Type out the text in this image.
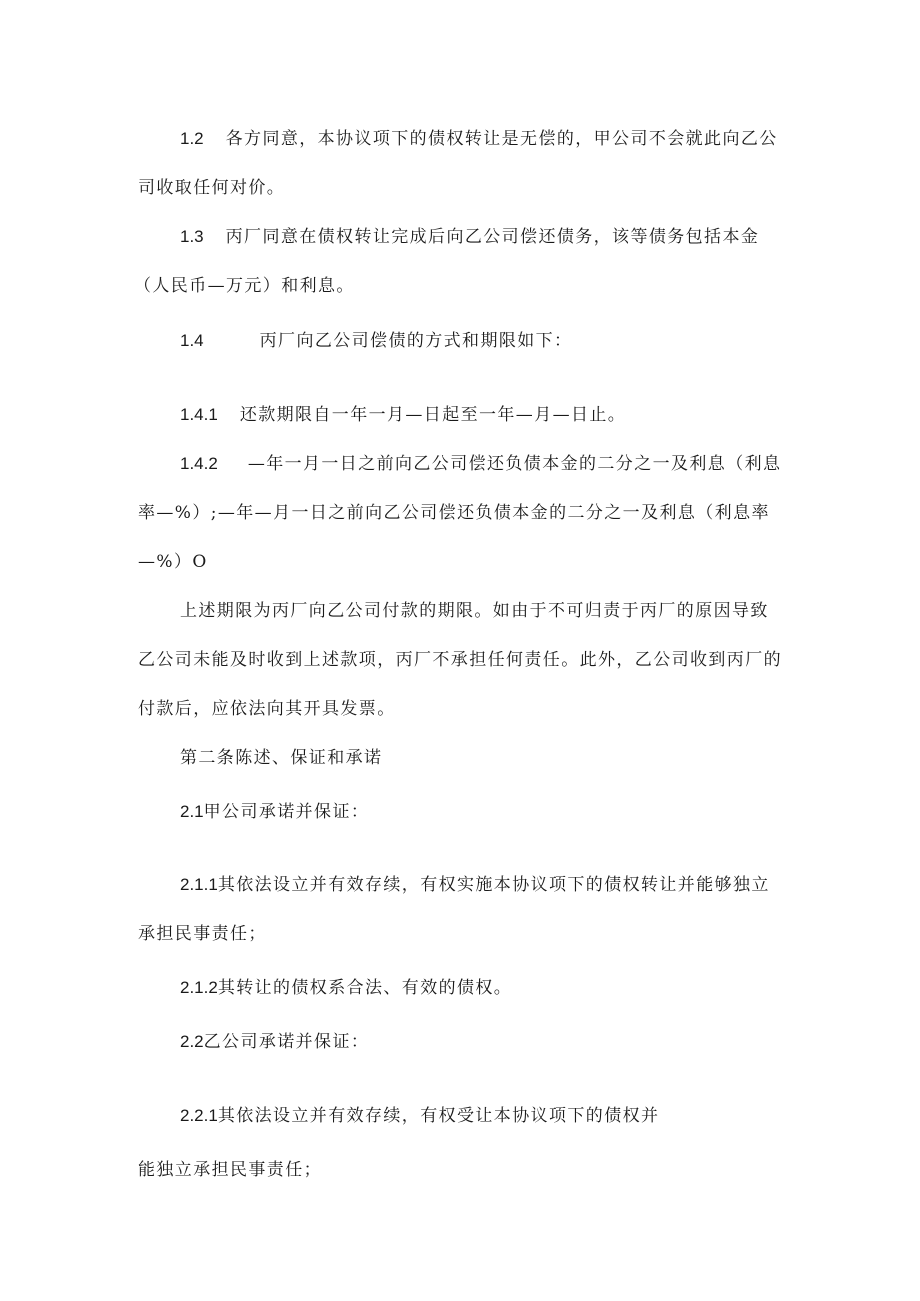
1.2 各方同意，本协议项下的债权转让是无偿的，甲公司不会就此向乙公
司收取任何对价。
1.3 丙厂同意在债权转让完成后向乙公司偿还债务，该等债务包括本金
（人民币—万元）和利息。
1.4	丙厂向乙公司偿债的方式和期限如下：
1.4.1 还款期限自一年一月—日起至一年—月—日止。
1.4.2 —年一月一日之前向乙公司偿还负债本金的二分之一及利息（利息
率—%）;—年—月一日之前向乙公司偿还负债本金的二分之一及利息（利息率
—%）O
上述期限为丙厂向乙公司付款的期限。如由于不可归责于丙厂的原因导致
乙公司未能及时收到上述款项，丙厂不承担任何责任。此外，乙公司收到丙厂的
付款后，应依法向其开具发票。
第二条陈述、保证和承诺
2.1甲公司承诺并保证：
2.1.1其依法设立并有效存续，有权实施本协议项下的债权转让并能够独立
承担民事责任；
2.1.2其转让的债权系合法、有效的债权。
2.2乙公司承诺并保证：
2.2.1其依法设立并有效存续，有权受让本协议项下的债权并
能独立承担民事责任；
